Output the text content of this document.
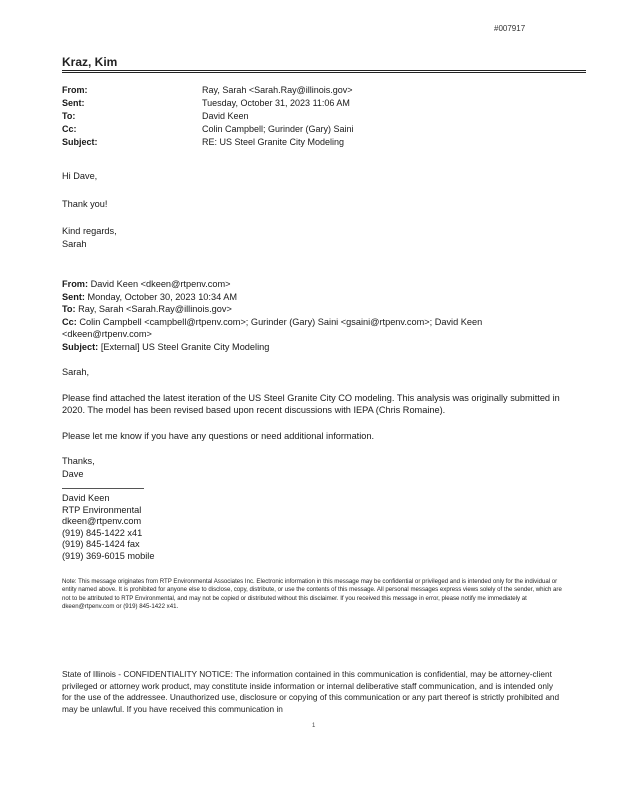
#007917
Kraz, Kim
From:	Ray, Sarah <Sarah.Ray@illinois.gov>
Sent:	Tuesday, October 31, 2023 11:06 AM
To:	David Keen
Cc:	Colin Campbell; Gurinder (Gary) Saini
Subject:	RE: US Steel Granite City Modeling

Hi Dave,

Thank you!

Kind regards,

Sarah

From: David Keen <dkeen@rtpenv.com>
Sent: Monday, October 30, 2023 10:34 AM
To: Ray, Sarah <Sarah.Ray@illinois.gov>
Cc: Colin Campbell <campbell@rtpenv.com>; Gurinder (Gary) Saini <gsaini@rtpenv.com>; David Keen
<dkeen@rtpenv.com>
Subject: [External] US Steel Granite City Modeling

Sarah,

Please find attached the latest iteration of the US Steel Granite City CO modeling. This analysis was originally submitted in 2020. The model has been revised based upon recent discussions with IEPA (Chris Romaine).

Please let me know if you have any questions or need additional information.

Thanks,

Dave

David Keen
RTP Environmental
dkeen@rtpenv.com
(919) 845-1422 x41
(919) 845-1424 fax
(919) 369-6015 mobile
Note: This message originates from RTP Environmental Associates Inc. Electronic information in this message may be confidential or privileged and is intended only for the individual or entity named above. It is prohibited for anyone else to disclose, copy, distribute, or use the contents of this message. All personal messages express views solely of the sender, which are not to be attributed to RTP Environmental, and may not be copied or distributed without this disclaimer. If you received this message in error, please notify me immediately at dkeen@rtpenv.com or (919) 845-1422 x41.
State of Illinois - CONFIDENTIALITY NOTICE: The information contained in this communication is confidential, may be attorney-client privileged or attorney work product, may constitute inside information or internal deliberative staff communication, and is intended only for the use of the addressee. Unauthorized use, disclosure or copying of this communication or any part thereof is strictly prohibited and may be unlawful. If you have received this communication in
1
